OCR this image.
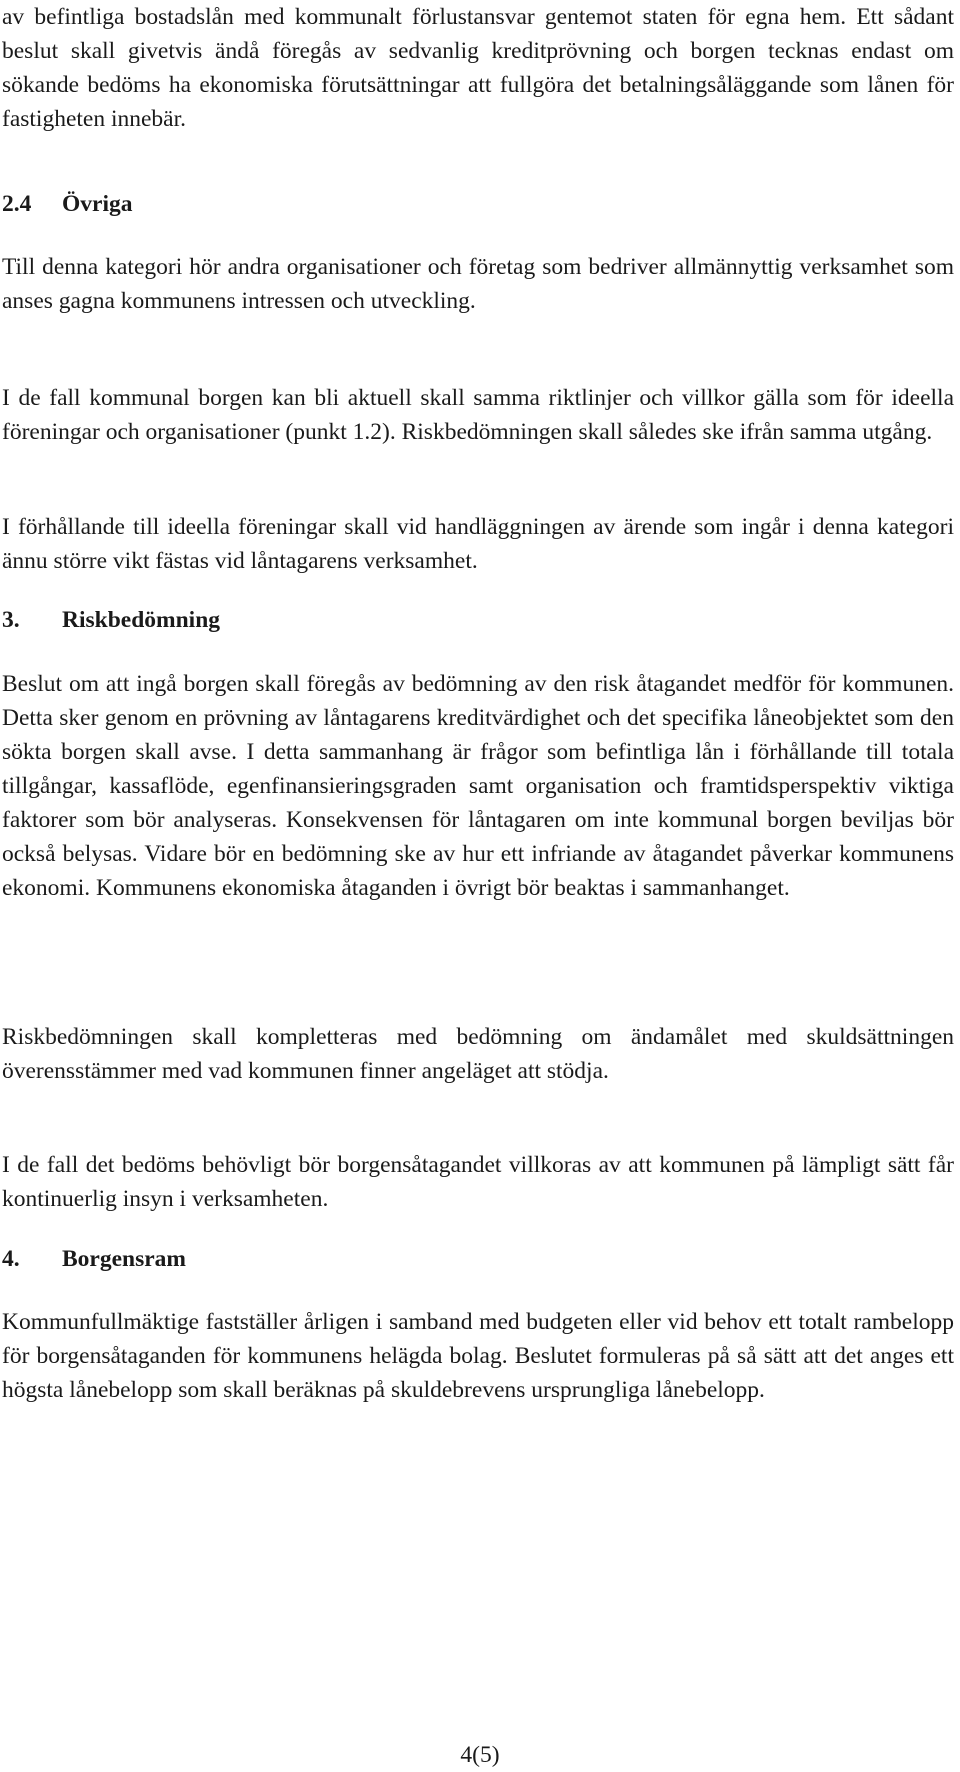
av befintliga bostadslån med kommunalt förlustansvar gentemot staten för egna hem. Ett sådant beslut skall givetvis ändå föregås av sedvanlig kreditprövning och borgen tecknas endast om sökande bedöms ha ekonomiska förutsättningar att fullgöra det betalningsåläggande som lånen för fastigheten innebär.

2.4 Övriga

Till denna kategori hör andra organisationer och företag som bedriver allmännyttig verksamhet som anses gagna kommunens intressen och utveckling.

I de fall kommunal borgen kan bli aktuell skall samma riktlinjer och villkor gälla som för ideella föreningar och organisationer (punkt 1.2). Riskbedömningen skall således ske ifrån samma utgång.

I förhållande till ideella föreningar skall vid handläggningen av ärende som ingår i denna kategori ännu större vikt fästas vid låntagarens verksamhet.

3. Riskbedömning

Beslut om att ingå borgen skall föregås av bedömning av den risk åtagandet medför för kommunen. Detta sker genom en prövning av låntagarens kreditvärdighet och det specifika låneobjektet som den sökta borgen skall avse. I detta sammanhang är frågor som befintliga lån i förhållande till totala tillgångar, kassaflöde, egenfinansieringsgraden samt organisation och framtidsperspektiv viktiga faktorer som bör analyseras. Konsekvensen för låntagaren om inte kommunal borgen beviljas bör också belysas. Vidare bör en bedömning ske av hur ett infriande av åtagandet påverkar kommunens ekonomi. Kommunens ekonomiska åtaganden i övrigt bör beaktas i sammanhanget.

Riskbedömningen skall kompletteras med bedömning om ändamålet med skuldsättningen överensstämmer med vad kommunen finner angeläget att stödja.

I de fall det bedöms behövligt bör borgensåtagandet villkoras av att kommunen på lämpligt sätt får kontinuerlig insyn i verksamheten.

4. Borgensram

Kommunfullmäktige fastställer årligen i samband med budgeten eller vid behov ett totalt rambelopp för borgensåtaganden för kommunens helägda bolag. Beslutet formuleras på så sätt att det anges ett högsta lånebelopp som skall beräknas på skuldebrevens ursprungliga lånebelopp.

4(5)
